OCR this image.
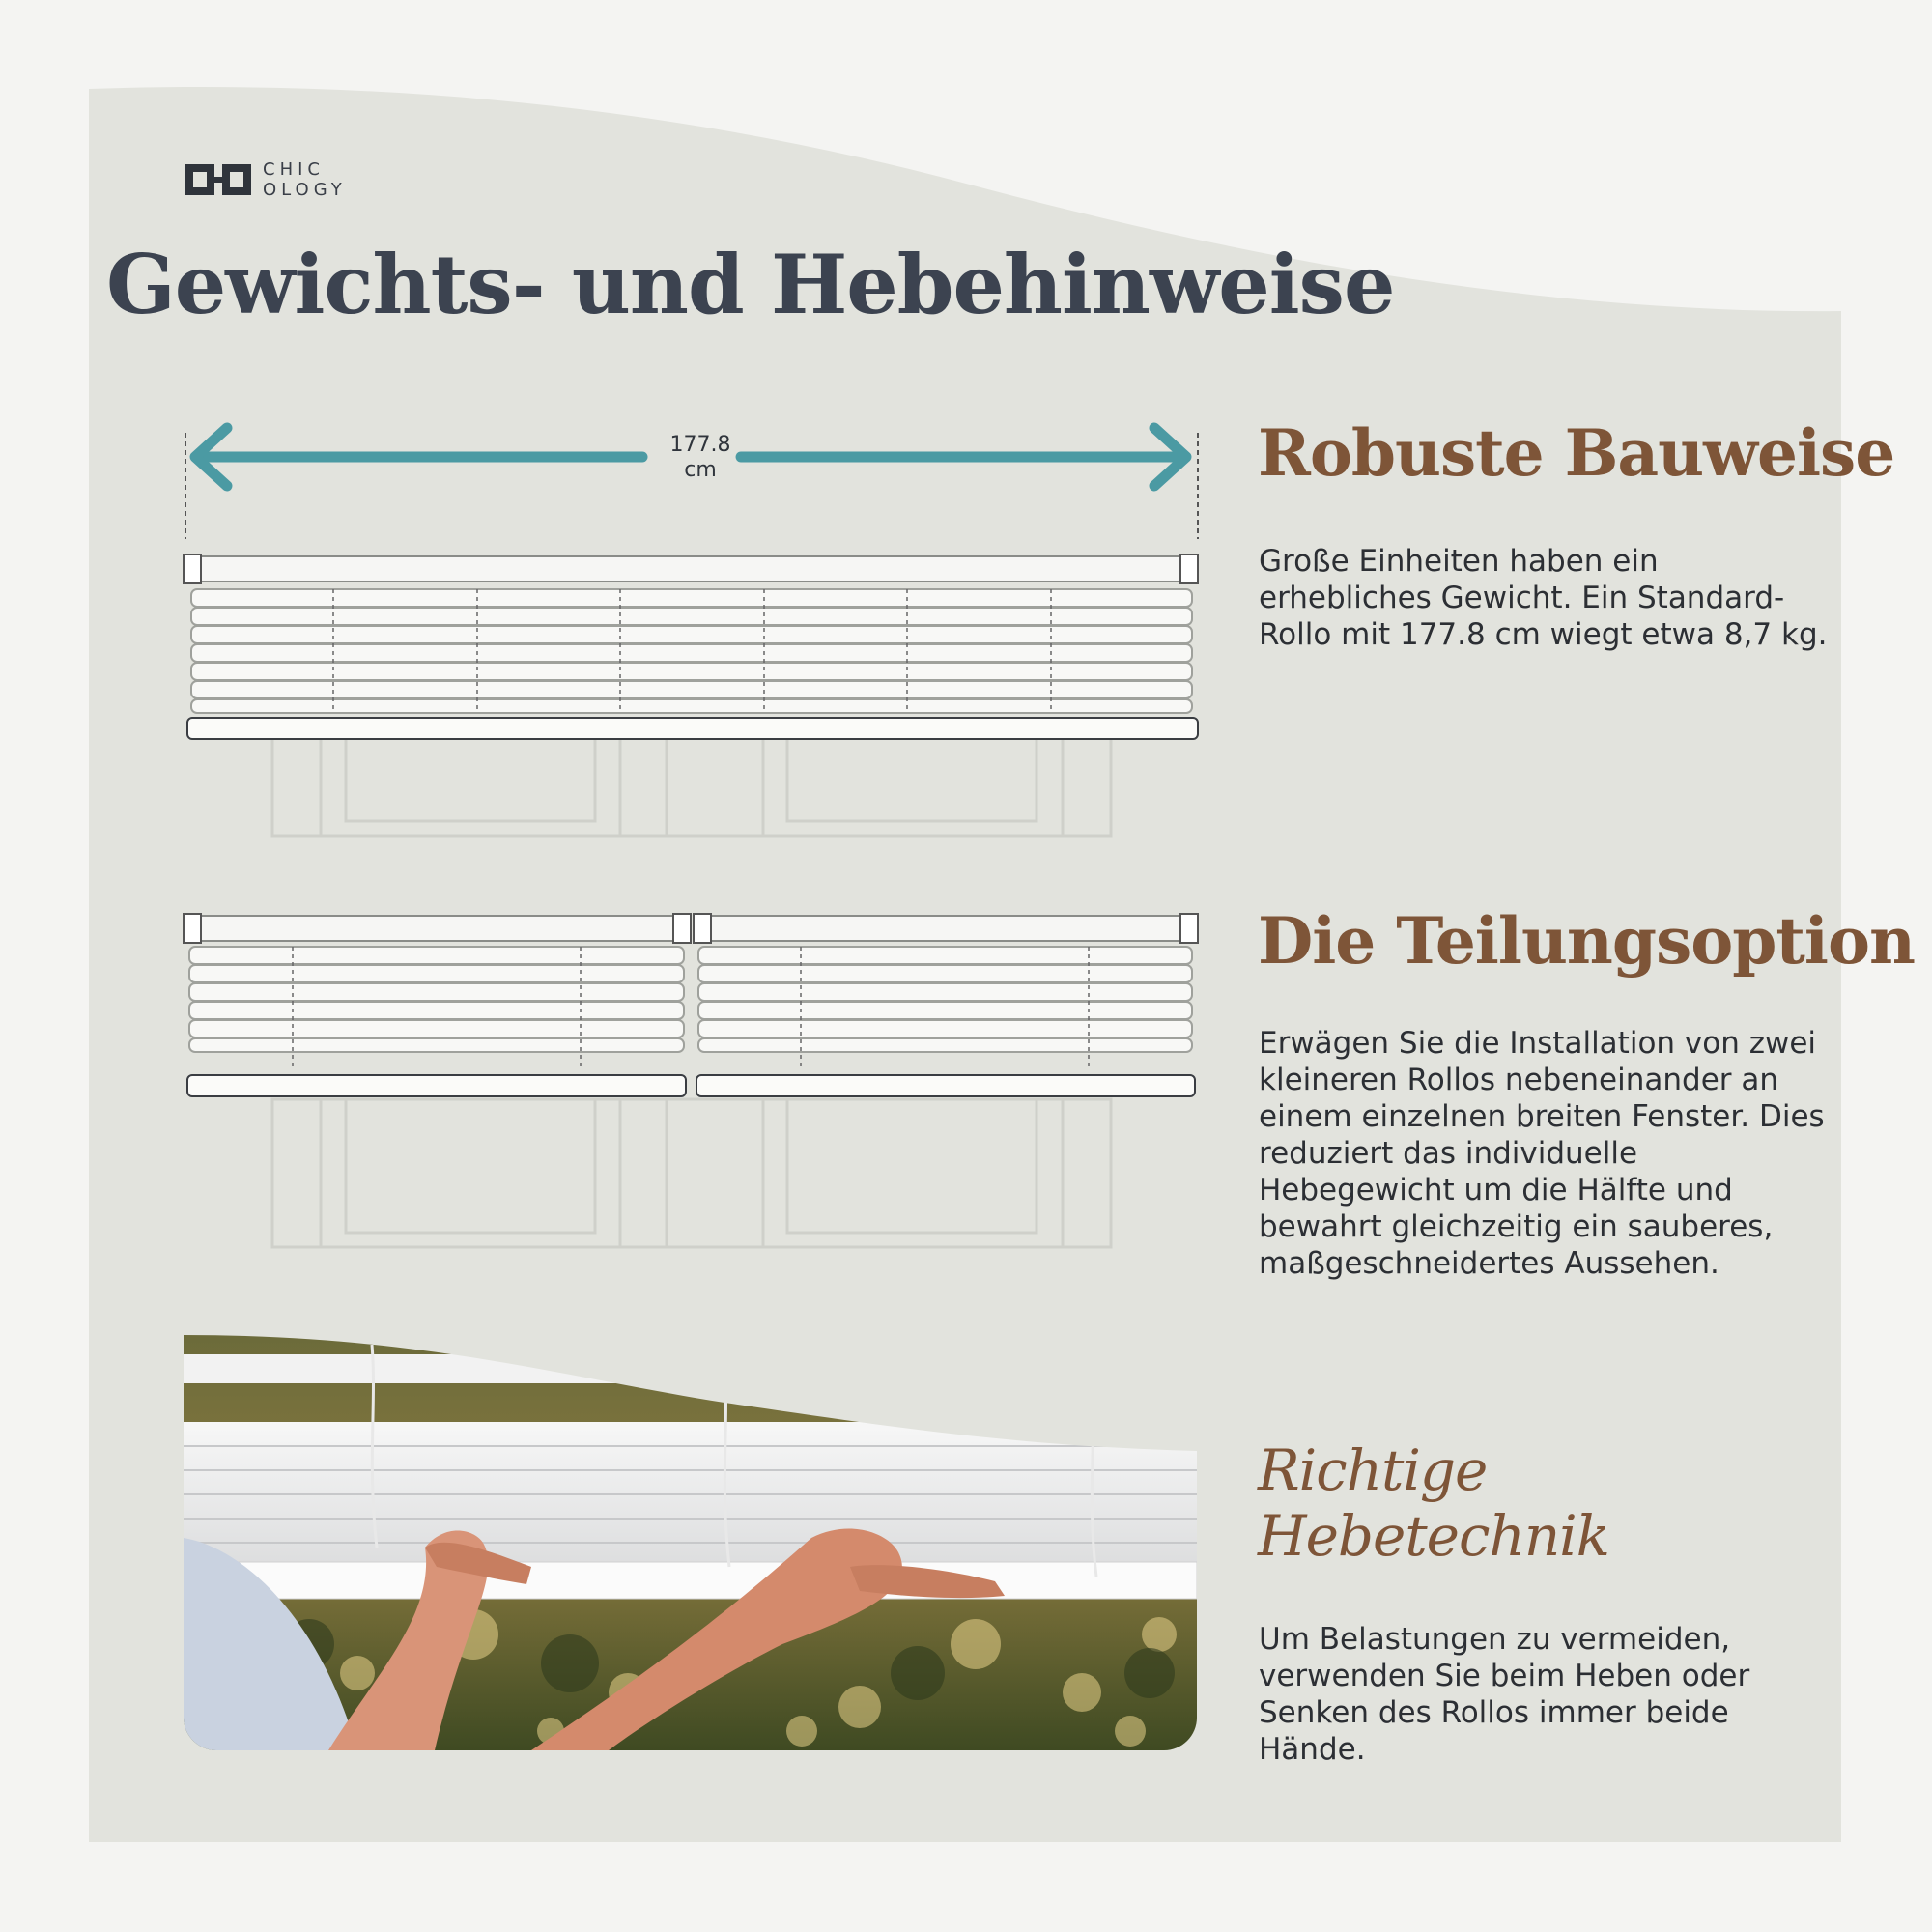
CHIC
OLOGY
Gewichts- und Hebehinweise
177.8
cm	Robuste Bauweise

Große Einheiten haben ein erhebliches Gewicht. Ein Standard-Rollo mit 177.8 cm wiegt etwa 8,7 kg.

Die Teilungsoption

Erwägen Sie die Installation von zwei kleineren Rollos nebeneinander an einem einzelnen breiten Fenster. Dies reduziert das individuelle Hebegewicht um die Hälfte und bewahrt gleichzeitig ein sauberes, maßgeschneidertes Aussehen.

Richtige Hebetechnik

Um Belastungen zu vermeiden, verwenden Sie beim Heben oder Senken des Rollos immer beide Hände.
